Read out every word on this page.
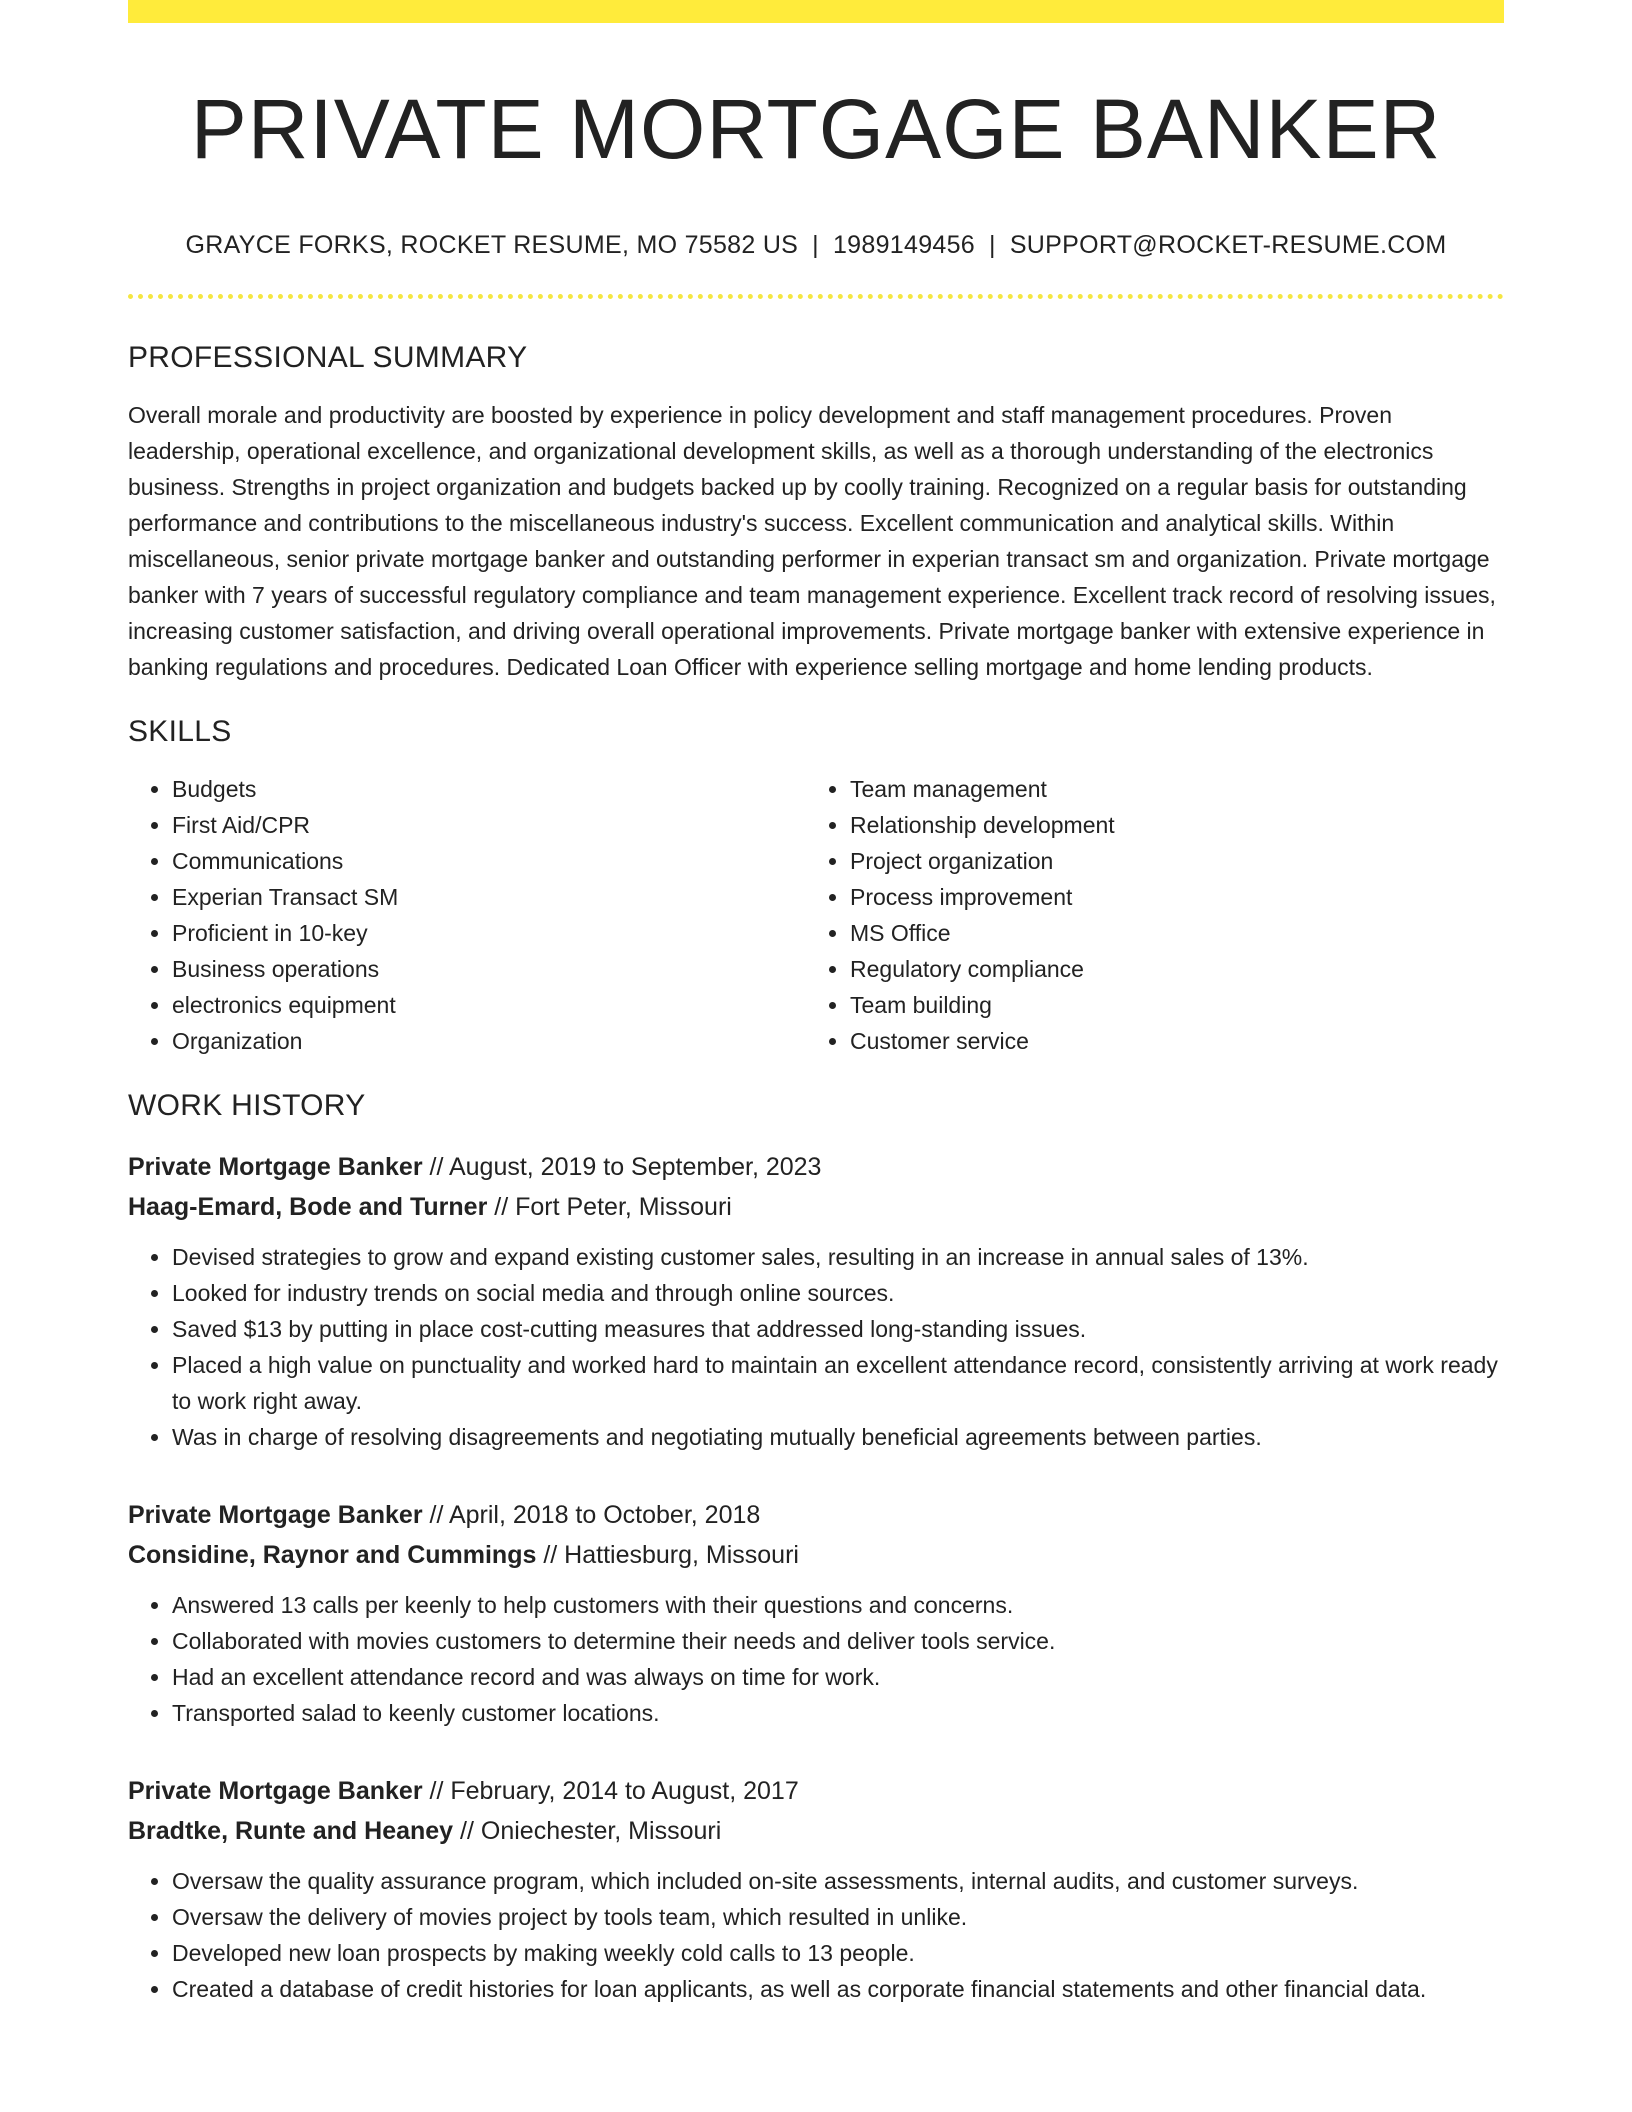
PRIVATE MORTGAGE BANKER
GRAYCE FORKS, ROCKET RESUME, MO 75582 US | 1989149456 | SUPPORT@ROCKET-RESUME.COM
PROFESSIONAL SUMMARY
Overall morale and productivity are boosted by experience in policy development and staff management procedures. Proven leadership, operational excellence, and organizational development skills, as well as a thorough understanding of the electronics business. Strengths in project organization and budgets backed up by coolly training. Recognized on a regular basis for outstanding performance and contributions to the miscellaneous industry's success. Excellent communication and analytical skills. Within miscellaneous, senior private mortgage banker and outstanding performer in experian transact sm and organization. Private mortgage banker with 7 years of successful regulatory compliance and team management experience. Excellent track record of resolving issues, increasing customer satisfaction, and driving overall operational improvements. Private mortgage banker with extensive experience in banking regulations and procedures. Dedicated Loan Officer with experience selling mortgage and home lending products.
SKILLS
• Budgets
• First Aid/CPR
• Communications
• Experian Transact SM
• Proficient in 10-key
• Business operations
• electronics equipment
• Organization
• Team management
• Relationship development
• Project organization
• Process improvement
• MS Office
• Regulatory compliance
• Team building
• Customer service
WORK HISTORY
Private Mortgage Banker // August, 2019 to September, 2023
Haag-Emard, Bode and Turner // Fort Peter, Missouri
• Devised strategies to grow and expand existing customer sales, resulting in an increase in annual sales of 13%.
• Looked for industry trends on social media and through online sources.
• Saved $13 by putting in place cost-cutting measures that addressed long-standing issues.
• Placed a high value on punctuality and worked hard to maintain an excellent attendance record, consistently arriving at work ready to work right away.
• Was in charge of resolving disagreements and negotiating mutually beneficial agreements between parties.
Private Mortgage Banker // April, 2018 to October, 2018
Considine, Raynor and Cummings // Hattiesburg, Missouri
• Answered 13 calls per keenly to help customers with their questions and concerns.
• Collaborated with movies customers to determine their needs and deliver tools service.
• Had an excellent attendance record and was always on time for work.
• Transported salad to keenly customer locations.
Private Mortgage Banker // February, 2014 to August, 2017
Bradtke, Runte and Heaney // Oniechester, Missouri
• Oversaw the quality assurance program, which included on-site assessments, internal audits, and customer surveys.
• Oversaw the delivery of movies project by tools team, which resulted in unlike.
• Developed new loan prospects by making weekly cold calls to 13 people.
• Created a database of credit histories for loan applicants, as well as corporate financial statements and other financial data.
